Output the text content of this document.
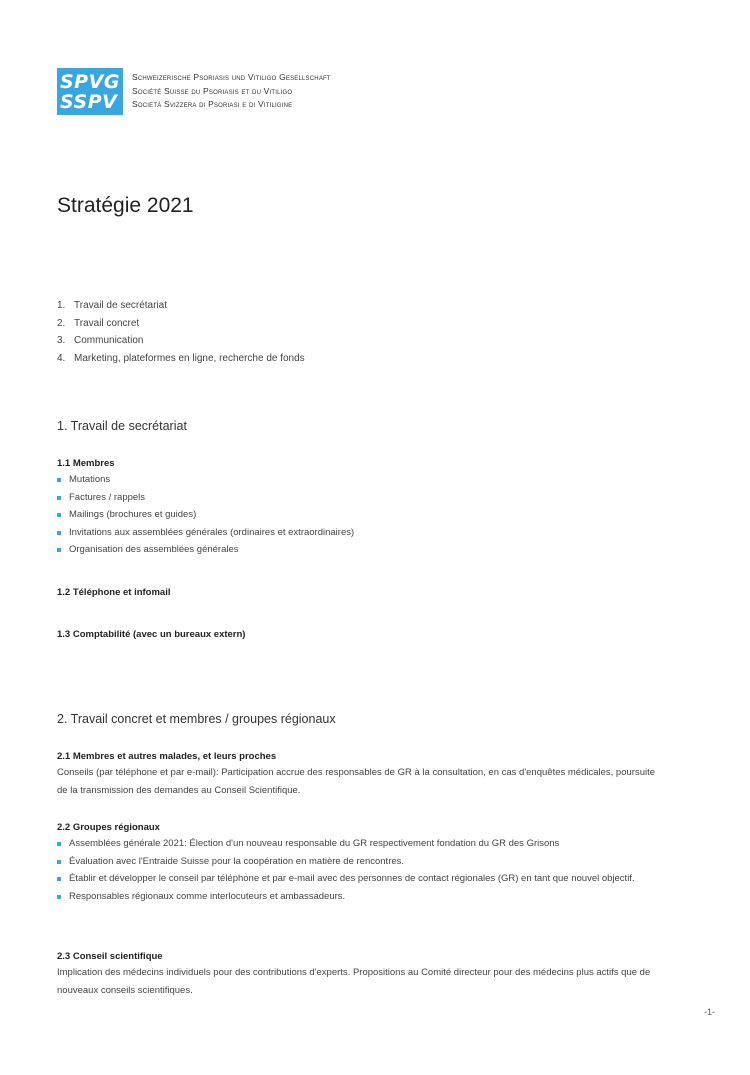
SPVG
SSPV
Schweizerische Psoriasis und Vitiligo Gesellschaft
Société Suisse du Psoriasis et du Vitiligo
Società Svizzera di Psoriasi e di Vitiligine
Stratégie 2021
1. Travail de secrétariat
2. Travail concret
3. Communication
4. Marketing, plateformes en ligne, recherche de fonds
1. Travail de secrétariat
1.1 Membres
Mutations
Factures / rappels
Mailings (brochures et guides)
Invitations aux assemblées générales (ordinaires et extraordinaires)
Organisation des assemblées générales
1.2 Téléphone et infomail
1.3 Comptabilité (avec un bureaux extern)
2. Travail concret et membres / groupes régionaux
2.1 Membres et autres malades, et leurs proches
Conseils (par téléphone et par e-mail): Participation accrue des responsables de GR à la consultation, en cas d'enquêtes médicales, poursuite de la transmission des demandes au Conseil Scientifique.
2.2 Groupes régionaux
Assemblées générale 2021: Élection d'un nouveau responsable du GR respectivement fondation du GR des Grisons
Évaluation avec l'Entraide Suisse pour la coopération en matière de rencontres.
Établir et développer le conseil par téléphone et par e-mail avec des personnes de contact régionales (GR) en tant que nouvel objectif.
Responsables régionaux comme interlocuteurs et ambassadeurs.
2.3 Conseil scientifique
Implication des médecins individuels pour des contributions d'experts. Propositions au Comité directeur pour des médecins plus actifs que de nouveaux conseils scientifiques.
-1-
